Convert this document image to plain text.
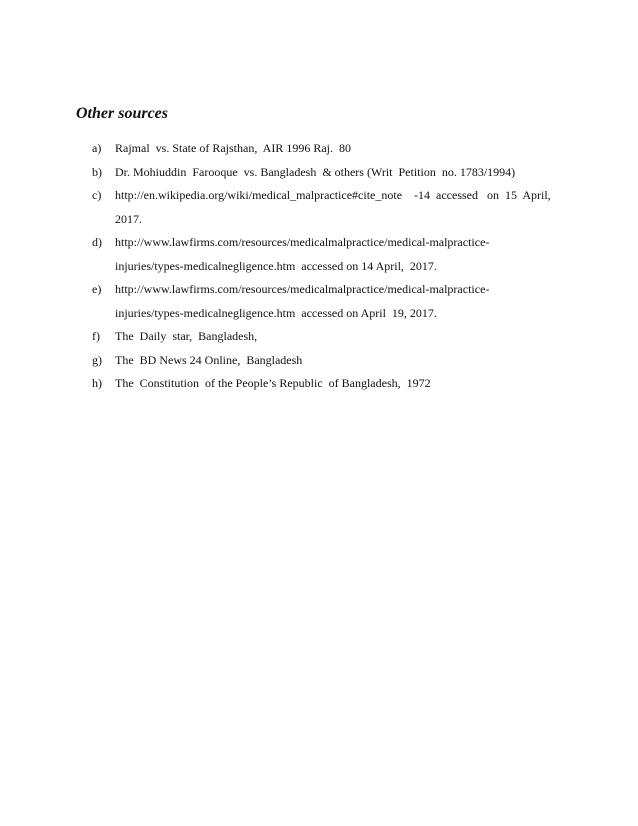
Other sources
a)	Rajmal  vs. State of Rajsthan,  AIR 1996 Raj.  80
b)	Dr. Mohiuddin  Farooque  vs. Bangladesh  & others (Writ  Petition  no. 1783/1994)
c)	http://en.wikipedia.org/wiki/medical_malpractice#cite_note    -14  accessed   on  15  April,
2017.
d)	http://www.lawfirms.com/resources/medicalmalpractice/medical-malpractice-
injuries/types-medicalnegligence.htm  accessed on 14 April,  2017.
e)	http://www.lawfirms.com/resources/medicalmalpractice/medical-malpractice-
injuries/types-medicalnegligence.htm  accessed on April  19, 2017.
f)	The  Daily  star,  Bangladesh,
g)	The  BD News 24 Online,  Bangladesh
h)	The  Constitution  of the People’s Republic  of Bangladesh,  1972
